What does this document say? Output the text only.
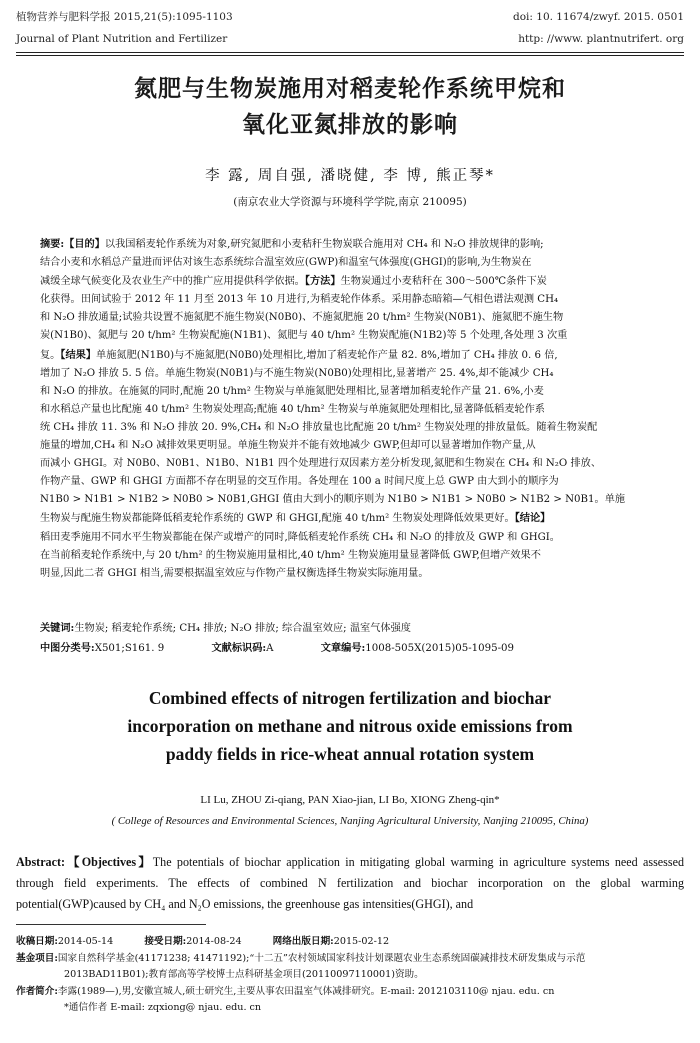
植物营养与肥料学报 2015,21(5):1095-1103	doi: 10. 11674/zwyf. 2015. 0501
Journal of Plant Nutrition and Fertilizer	http: //www. plantnutrifert. org
氮肥与生物炭施用对稻麦轮作系统甲烷和
氧化亚氮排放的影响
李 露, 周自强, 潘晓健, 李 博, 熊正琴*
(南京农业大学资源与环境科学学院,南京 210095)
摘要:【目的】以我国稻麦轮作系统为对象,研究氮肥和小麦秸秆生物炭联合施用对 CH₄ 和 N₂O 排放规律的影响;
结合小麦和水稻总产量进而评估对该生态系统综合温室效应(GWP)和温室气体强度(GHGI)的影响,为生物炭在
减缓全球气候变化及农业生产中的推广应用提供科学依据。【方法】生物炭通过小麦秸秆在 300～500℃条件下炭
化获得。田间试验于 2012 年 11 月至 2013 年 10 月进行,为稻麦轮作体系。采用静态暗箱—气相色谱法观测 CH₄
和 N₂O 排放通量;试验共设置不施氮肥不施生物炭(N0B0)、不施氮肥施 20 t/hm² 生物炭(N0B1)、施氮肥不施生物
炭(N1B0)、氮肥与 20 t/hm² 生物炭配施(N1B1)、氮肥与 40 t/hm² 生物炭配施(N1B2)等 5 个处理,各处理 3 次重
复。【结果】单施氮肥(N1B0)与不施氮肥(N0B0)处理相比,增加了稻麦轮作产量 82. 8%,增加了 CH₄ 排放 0. 6 倍,
增加了 N₂O 排放 5. 5 倍。单施生物炭(N0B1)与不施生物炭(N0B0)处理相比,显著增产 25. 4%,却不能减少 CH₄
和 N₂O 的排放。在施氮的同时,配施 20 t/hm² 生物炭与单施氮肥处理相比,显著增加稻麦轮作产量 21. 6%,小麦
和水稻总产量也比配施 40 t/hm² 生物炭处理高;配施 40 t/hm² 生物炭与单施氮肥处理相比,显著降低稻麦轮作系
统 CH₄ 排放 11. 3% 和 N₂O 排放 20. 9%,CH₄ 和 N₂O 排放量也比配施 20 t/hm² 生物炭处理的排放量低。随着生物炭配
施量的增加,CH₄ 和 N₂O 减排效果更明显。单施生物炭并不能有效地减少 GWP,但却可以显著增加作物产量,从
而减小 GHGI。对 N0B0、N0B1、N1B0、N1B1 四个处理进行双因素方差分析发现,氮肥和生物炭在 CH₄ 和 N₂O 排放、
作物产量、GWP 和 GHGI 方面都不存在明显的交互作用。各处理在 100 a 时间尺度上总 GWP 由大到小的顺序为
N1B0 > N1B1 > N1B2 > N0B0 > N0B1,GHGI 值由大到小的顺序则为 N1B0 > N1B1 > N0B0 > N1B2 > N0B1。单施
生物炭与配施生物炭都能降低稻麦轮作系统的 GWP 和 GHGI,配施 40 t/hm² 生物炭处理降低效果更好。【结论】
稻田麦季施用不同水平生物炭都能在保产或增产的同时,降低稻麦轮作系统 CH₄ 和 N₂O 的排放及 GWP 和 GHGI。
在当前稻麦轮作系统中,与 20 t/hm² 的生物炭施用量相比,40 t/hm² 生物炭施用量显著降低 GWP,但增产效果不
明显,因此二者 GHGI 相当,需要根据温室效应与作物产量权衡选择生物炭实际施用量。
关键词:生物炭; 稻麦轮作系统; CH₄ 排放; N₂O 排放; 综合温室效应; 温室气体强度
中图分类号:X501;S161. 9	文献标识码:A	文章编号:1008-505X(2015)05-1095-09
Combined effects of nitrogen fertilization and biochar
incorporation on methane and nitrous oxide emissions from
paddy fields in rice-wheat annual rotation system
LI Lu, ZHOU Zi-qiang, PAN Xiao-jian, LI Bo, XIONG Zheng-qin*
( College of Resources and Environmental Sciences, Nanjing Agricultural University, Nanjing 210095, China)
Abstract:【Objectives】The potentials of biochar application in mitigating global warming in agriculture systems need assessed through field experiments. The effects of combined N fertilization and biochar incorporation on the global warming potential(GWP)caused by CH₄ and N₂O emissions, the greenhouse gas intensities(GHGI), and
收稿日期:2014-05-14	接受日期:2014-08-24	网络出版日期:2015-02-12
基金项目:国家自然科学基金(41171238; 41471192);“十二五”农村领域国家科技计划课题农业生态系统固碳减排技术研发集成与示范
2013BAD11B01);教育部高等学校博士点科研基金项目(20110097110001)资助。
作者简介:李露(1989—),男,安徽宣城人,硕士研究生,主要从事农田温室气体减排研究。E-mail: 2012103110@ njau. edu. cn
*通信作者 E-mail: zqxiong@ njau. edu. cn
